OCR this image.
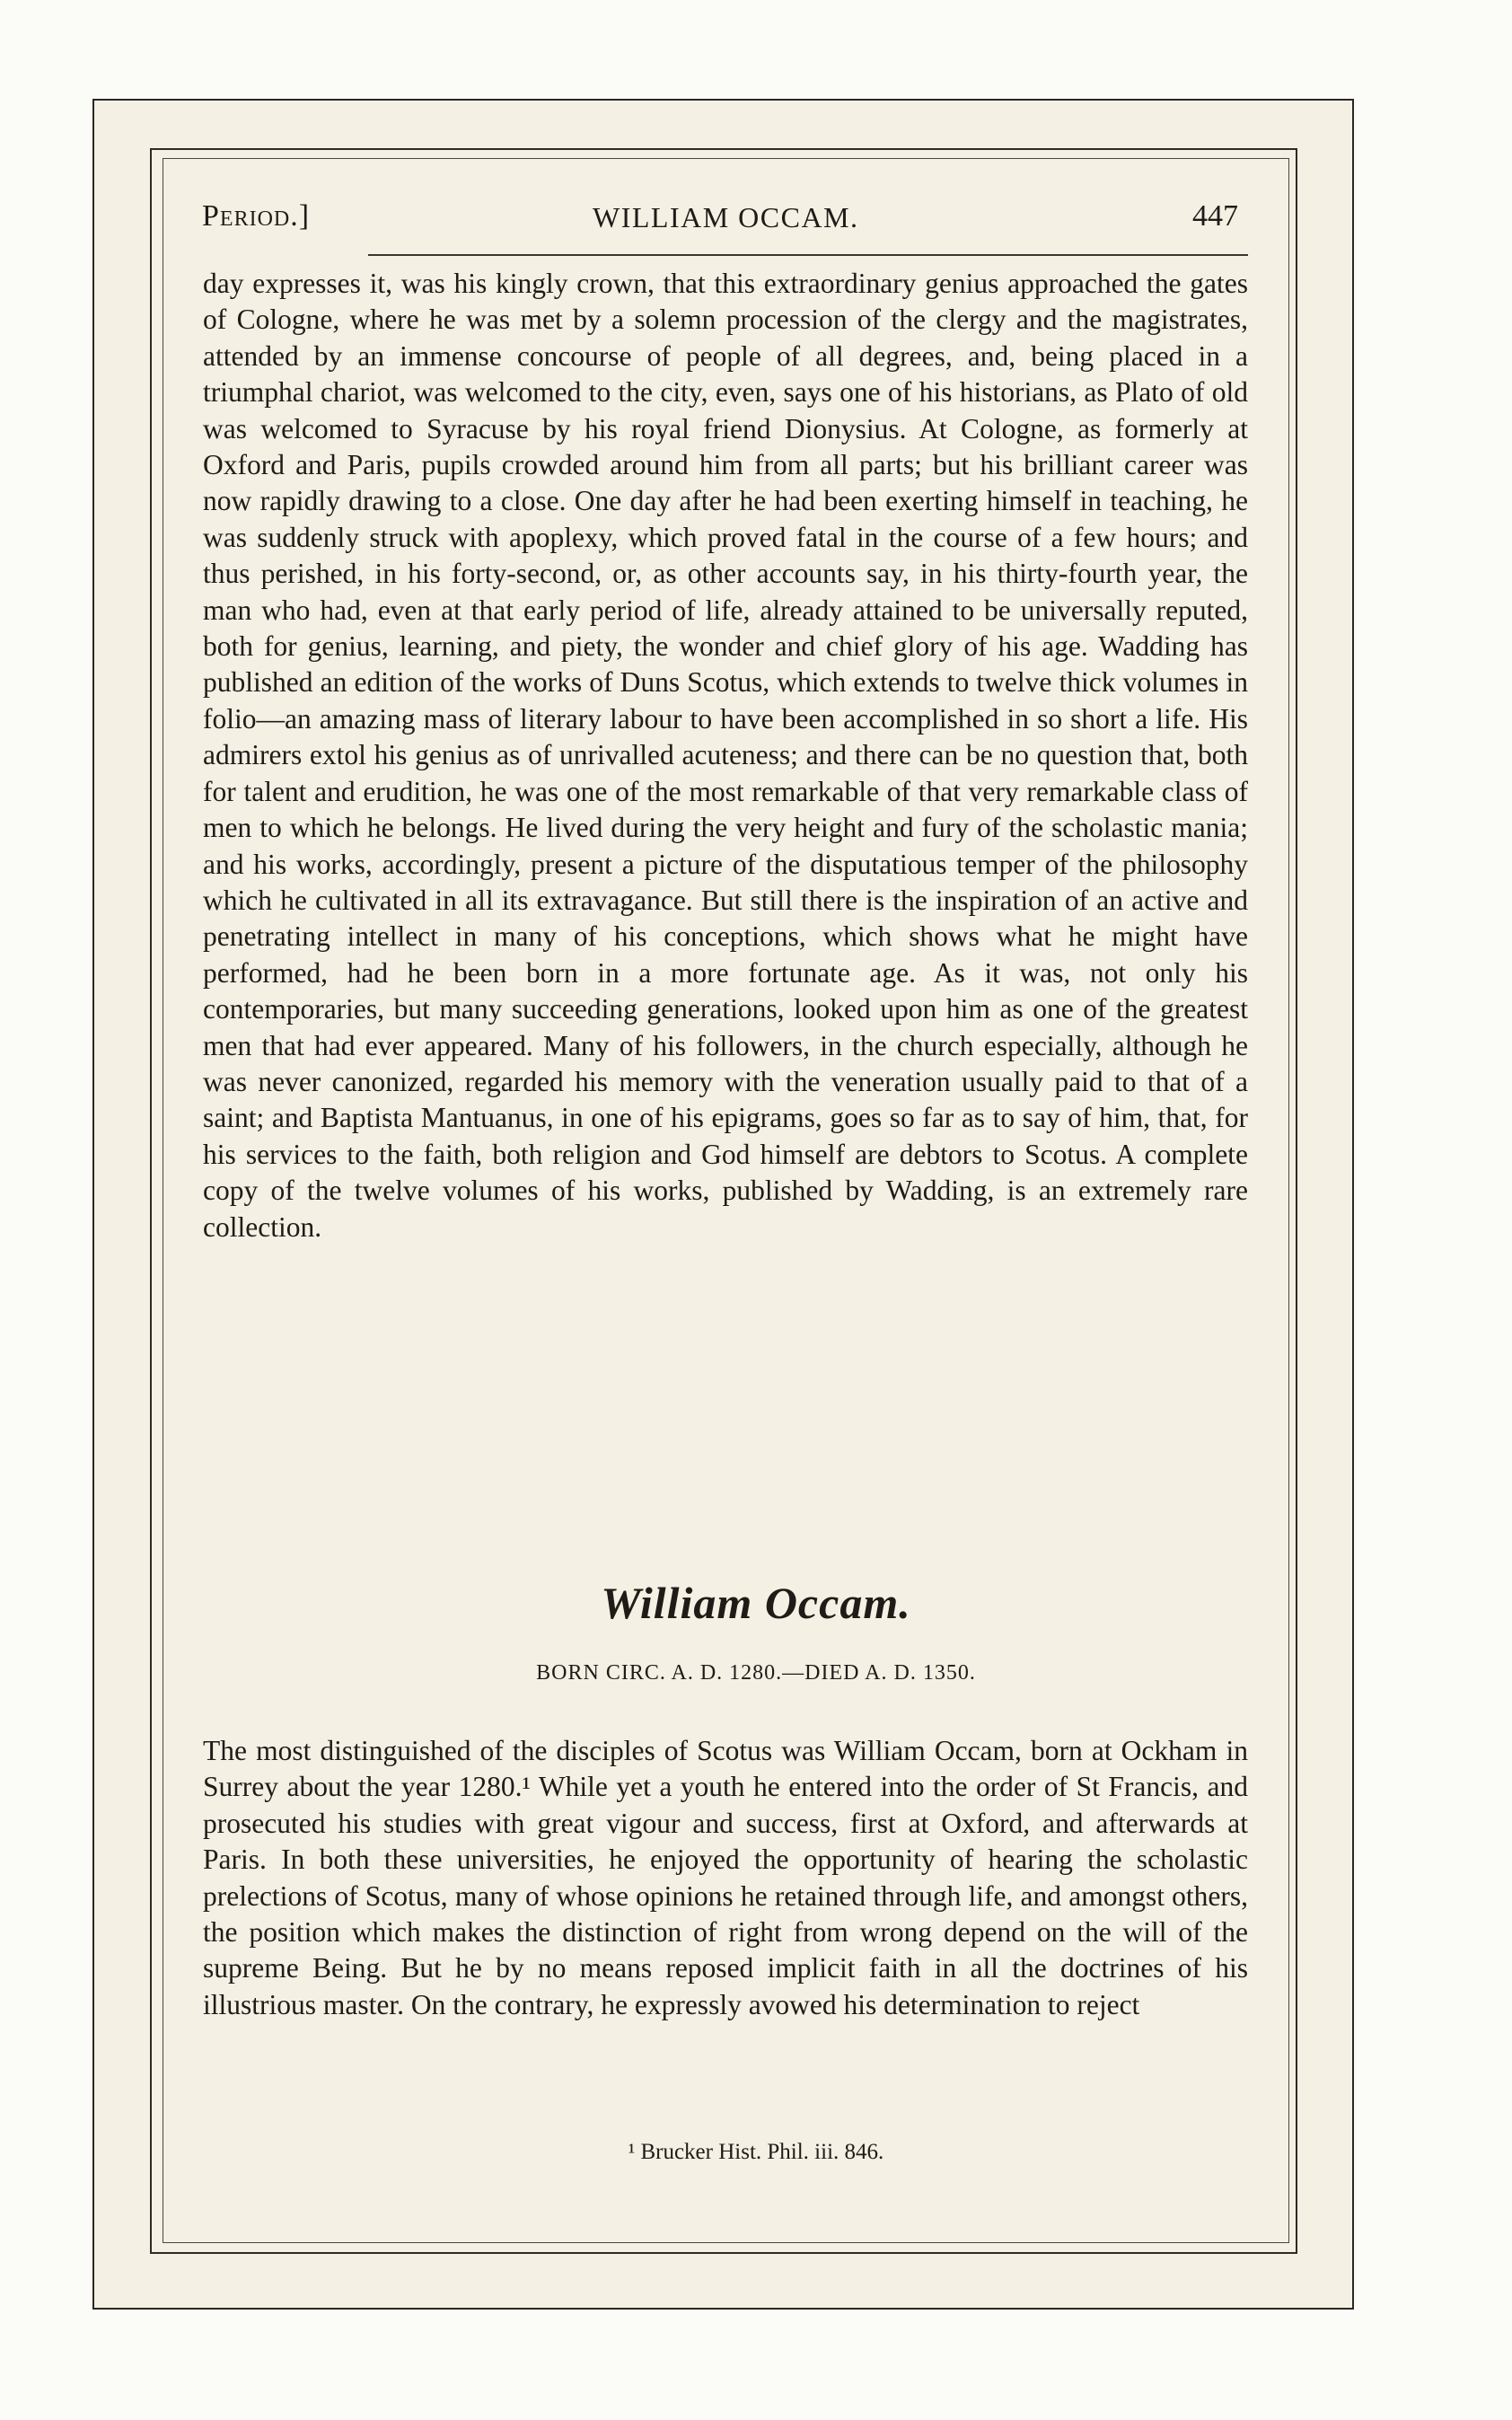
Period.]	WILLIAM OCCAM.	447

day expresses it, was his kingly crown, that this extraordinary genius approached the gates of Cologne, where he was met by a solemn procession of the clergy and the magistrates, attended by an immense concourse of people of all degrees, and, being placed in a triumphal chariot, was welcomed to the city, even, says one of his historians, as Plato of old was welcomed to Syracuse by his royal friend Dionysius. At Cologne, as formerly at Oxford and Paris, pupils crowded around him from all parts; but his brilliant career was now rapidly drawing to a close. One day after he had been exerting himself in teaching, he was suddenly struck with apoplexy, which proved fatal in the course of a few hours; and thus perished, in his forty-second, or, as other accounts say, in his thirty-fourth year, the man who had, even at that early period of life, already attained to be universally reputed, both for genius, learning, and piety, the wonder and chief glory of his age. Wadding has published an edition of the works of Duns Scotus, which extends to twelve thick volumes in folio—an amazing mass of literary labour to have been accomplished in so short a life. His admirers extol his genius as of unrivalled acuteness; and there can be no question that, both for talent and erudition, he was one of the most remarkable of that very remarkable class of men to which he belongs. He lived during the very height and fury of the scholastic mania; and his works, accordingly, present a picture of the disputatious temper of the philosophy which he cultivated in all its extravagance. But still there is the inspiration of an active and penetrating intellect in many of his conceptions, which shows what he might have performed, had he been born in a more fortunate age. As it was, not only his contemporaries, but many succeeding generations, looked upon him as one of the greatest men that had ever appeared. Many of his followers, in the church especially, although he was never canonized, regarded his memory with the veneration usually paid to that of a saint; and Baptista Mantuanus, in one of his epigrams, goes so far as to say of him, that, for his services to the faith, both religion and God himself are debtors to Scotus. A complete copy of the twelve volumes of his works, published by Wadding, is an extremely rare collection.

William Occam.
BORN CIRC. A. D. 1280.—DIED A. D. 1350.

The most distinguished of the disciples of Scotus was William Occam, born at Ockham in Surrey about the year 1280.¹ While yet a youth he entered into the order of St Francis, and prosecuted his studies with great vigour and success, first at Oxford, and afterwards at Paris. In both these universities, he enjoyed the opportunity of hearing the scholastic prelections of Scotus, many of whose opinions he retained through life, and amongst others, the position which makes the distinction of right from wrong depend on the will of the supreme Being. But he by no means reposed implicit faith in all the doctrines of his illustrious master. On the contrary, he expressly avowed his determination to reject

¹ Brucker Hist. Phil. iii. 846.
